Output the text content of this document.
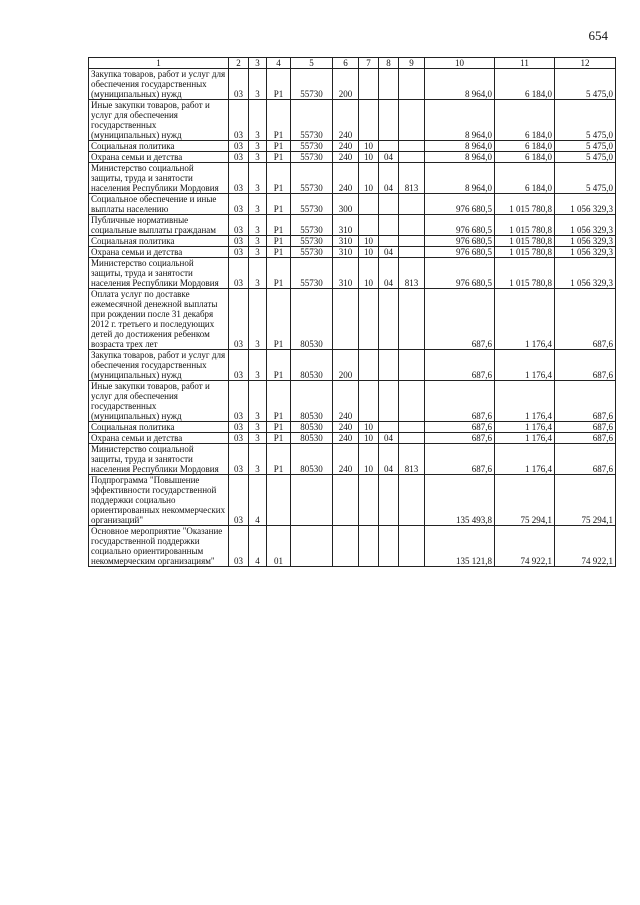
654
1	2	3	4	5	6	7	8	9	10	11	12
Закупка товаров, работ и услуг для обеспечения государственных (муниципальных) нужд	03	3	P1	55730	200				8 964,0	6 184,0	5 475,0
Иные закупки товаров, работ и услуг для обеспечения государственных (муниципальных) нужд	03	3	P1	55730	240				8 964,0	6 184,0	5 475,0
Социальная политика	03	3	P1	55730	240	10			8 964,0	6 184,0	5 475,0
Охрана семьи и детства	03	3	P1	55730	240	10	04		8 964,0	6 184,0	5 475,0
Министерство социальной защиты, труда и занятости населения Республики Мордовия	03	3	P1	55730	240	10	04	813	8 964,0	6 184,0	5 475,0
Социальное обеспечение и иные выплаты населению	03	3	P1	55730	300				976 680,5	1 015 780,8	1 056 329,3
Публичные нормативные социальные выплаты гражданам	03	3	P1	55730	310				976 680,5	1 015 780,8	1 056 329,3
Социальная политика	03	3	P1	55730	310	10			976 680,5	1 015 780,8	1 056 329,3
Охрана семьи и детства	03	3	P1	55730	310	10	04		976 680,5	1 015 780,8	1 056 329,3
Министерство социальной защиты, труда и занятости населения Республики Мордовия	03	3	P1	55730	310	10	04	813	976 680,5	1 015 780,8	1 056 329,3
Оплата услуг по доставке ежемесячной денежной выплаты при рождении после 31 декабря 2012 г. третьего и последующих детей до достижения ребенком возраста трех лет	03	3	P1	80530					687,6	1 176,4	687,6
Закупка товаров, работ и услуг для обеспечения государственных (муниципальных) нужд	03	3	P1	80530	200				687,6	1 176,4	687,6
Иные закупки товаров, работ и услуг для обеспечения государственных (муниципальных) нужд	03	3	P1	80530	240				687,6	1 176,4	687,6
Социальная политика	03	3	P1	80530	240	10			687,6	1 176,4	687,6
Охрана семьи и детства	03	3	P1	80530	240	10	04		687,6	1 176,4	687,6
Министерство социальной защиты, труда и занятости населения Республики Мордовия	03	3	P1	80530	240	10	04	813	687,6	1 176,4	687,6
Подпрограмма "Повышение эффективности государственной поддержки социально ориентированных некоммерческих организаций"	03	4							135 493,8	75 294,1	75 294,1
Основное мероприятие "Оказание государственной поддержки социально ориентированным некоммерческим организациям"	03	4	01						135 121,8	74 922,1	74 922,1
